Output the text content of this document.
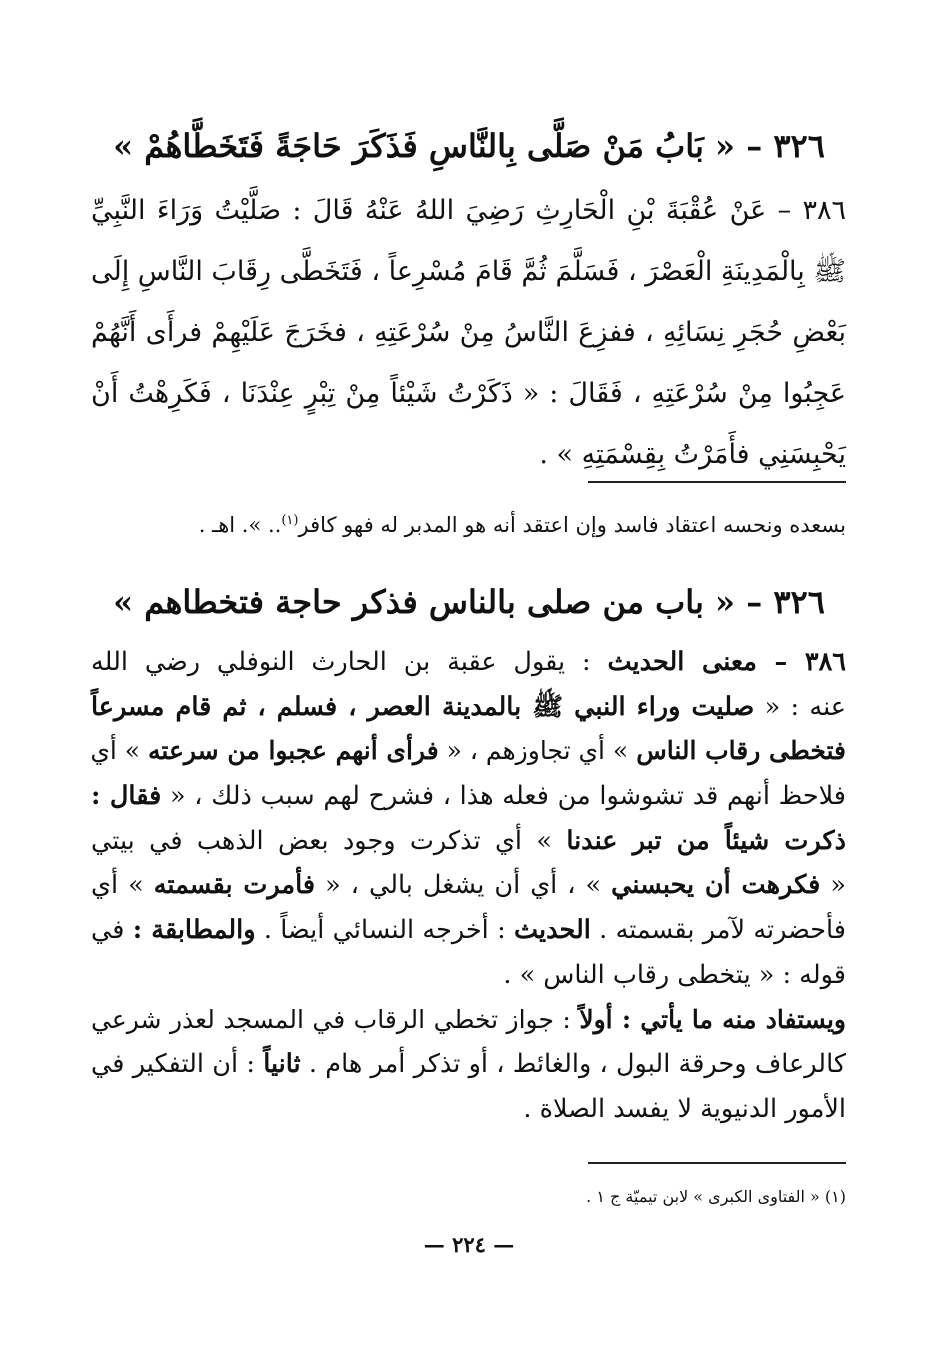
٣٢٦ – « بَابُ مَنْ صَلَّى بِالنَّاسِ فَذَكَرَ حَاجَةً فَتَخَطَّاهُمْ »
٣٨٦ – عَنْ عُقْبَةَ بْنِ الْحَارِثِ رَضِيَ اللهُ عَنْهُ قَالَ : صَلَّيْتُ وَرَاءَ النَّبِيِّ
ﷺ بِالْمَدِينَةِ الْعَصْرَ ، فَسَلَّمَ ثُمَّ قَامَ مُسْرِعاً ، فَتَخَطَّى رِقَابَ النَّاسِ إِلَى
بَعْضِ حُجَرِ نِسَائِهِ ، ففزِعَ النَّاسُ مِنْ سُرْعَتِهِ ، فخَرَجَ عَلَيْهِمْ فرأَى أَنَّهُمْ
عَجِبُوا مِنْ سُرْعَتِهِ ، فَقَالَ : « ذَكَرْتُ شَيْئاً مِنْ تِبْرٍ عِنْدَنَا ، فَكَرِهْتُ أَنْ
يَحْبِسَنِي فأَمَرْتُ بِقِسْمَتِهِ » .
بسعده ونحسه اعتقاد فاسد وإن اعتقد أنه هو المدبر له فهو كافر$^{(١)}$.. ». اهـ .
٣٢٦ – « باب من صلى بالناس فذكر حاجة فتخطاهم »
٣٨٦ – معنى الحديث : يقول عقبة بن الحارث النوفلي رضي الله
عنه : « صليت وراء النبي ﷺ بالمدينة العصر ، فسلم ، ثم قام مسرعاً
فتخطى رقاب الناس » أي تجاوزهم ، « فرأى أنهم عجبوا من سرعته » أي
فلاحظ أنهم قد تشوشوا من فعله هذا ، فشرح لهم سبب ذلك ، « فقال :
ذكرت شيئاً من تبر عندنا » أي تذكرت وجود بعض الذهب في بيتي
« فكرهت أن يحبسني » ، أي أن يشغل بالي ، « فأمرت بقسمته » أي
فأحضرته لآمر بقسمته . الحديث : أخرجه النسائي أيضاً . والمطابقة : في
قوله : « يتخطى رقاب الناس » .
ويستفاد منه ما يأتي : أولاً : جواز تخطي الرقاب في المسجد لعذر شرعي
كالرعاف وحرقة البول ، والغائط ، أو تذكر أمر هام . ثانياً : أن التفكير في
الأمور الدنيوية لا يفسد الصلاة .
(١) « الفتاوى الكبرى » لابن تيميّة ج ١ .
— ٢٢٤ —
